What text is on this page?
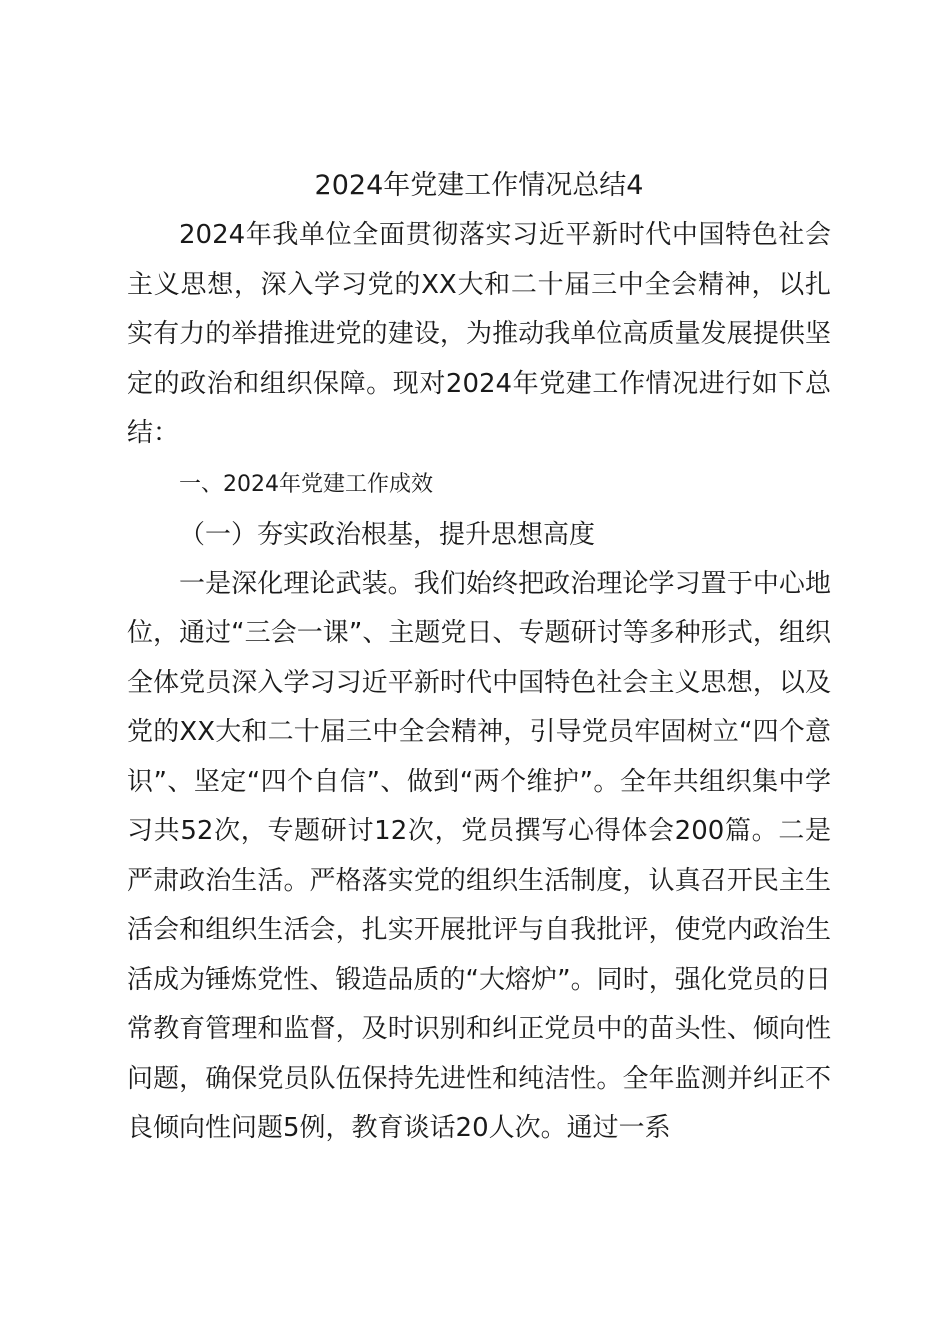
2024年党建工作情况总结4

2024年我单位全面贯彻落实习近平新时代中国特色社会主义思想，深入学习党的XX大和二十届三中全会精神，以扎实有力的举措推进党的建设，为推动我单位高质量发展提供坚定的政治和组织保障。现对2024年党建工作情况进行如下总结：

一、2024年党建工作成效

（一）夯实政治根基，提升思想高度

一是深化理论武装。我们始终把政治理论学习置于中心地位，通过“三会一课”、主题党日、专题研讨等多种形式，组织全体党员深入学习习近平新时代中国特色社会主义思想，以及党的XX大和二十届三中全会精神，引导党员牢固树立“四个意识”、坚定“四个自信”、做到“两个维护”。全年共组织集中学习共52次，专题研讨12次，党员撰写心得体会200篇。二是严肃政治生活。严格落实党的组织生活制度，认真召开民主生活会和组织生活会，扎实开展批评与自我批评，使党内政治生活成为锤炼党性、锻造品质的“大熔炉”。同时，强化党员的日常教育管理和监督，及时识别和纠正党员中的苗头性、倾向性问题，确保党员队伍保持先进性和纯洁性。全年监测并纠正不良倾向性问题5例，教育谈话20人次。通过一系
